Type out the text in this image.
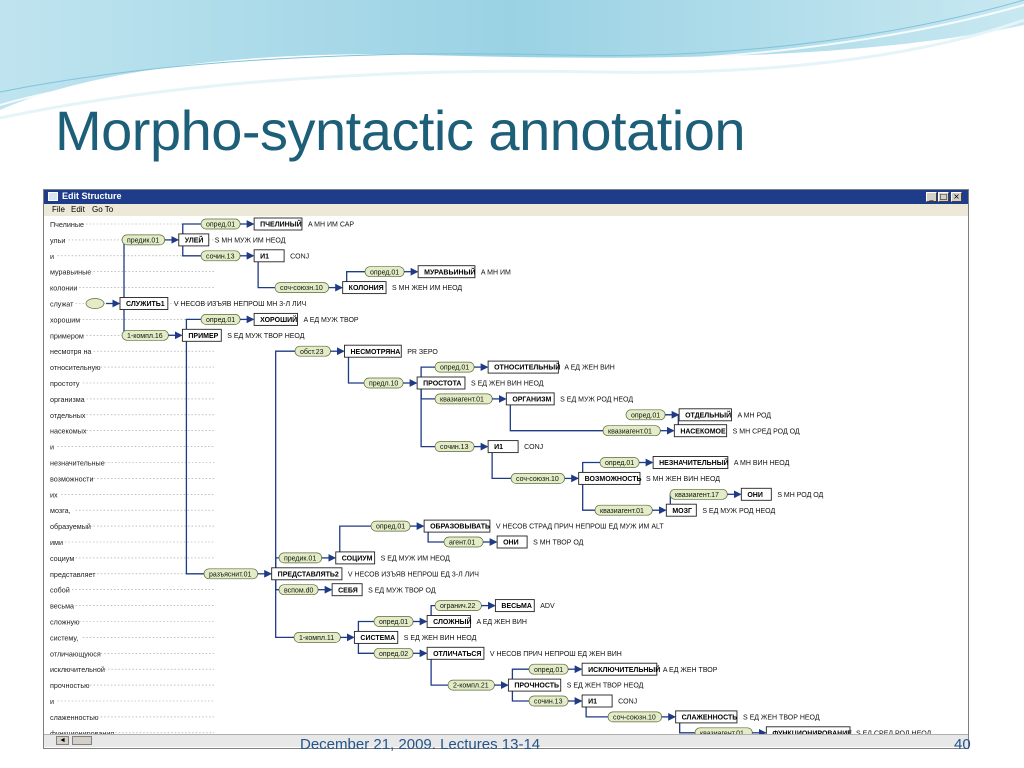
Morpho-syntactic annotation
Пчелиные
ульи
и
муравьиные
колонии
служат
хорошим
примером
несмотря на
относительную
простоту
организма
отдельных
насекомых
и
незначительные
возможности
их
мозга,
образуемый
ими
социум
представляет
собой
весьма
сложную
систему,
отличающуюся
исключительной
прочностью
и
слаженностью
опред.01	ПЧЕЛИНЫЙ A МН ИМ САР
предик.01	УЛЕЙ S МН МУЖ ИМ НЕОД
сочин.13	И1	CONJ
опред.01	МУРАВЬИНЫЙ A МН ИМ
соч-союзн.10	КОЛОНИЯ S МН ЖЕН ИМ НЕОД
СЛУЖИТЬ1 V НЕСОВ ИЗЪЯВ НЕПРОШ МН 3-Л ЛИЧ
опред.01	ХОРОШИЙ A ЕД МУЖ ТВОР
1-компл.16	ПРИМЕР S ЕД МУЖ ТВОР НЕОД
обст.23	НЕСМОТРЯНА PR ЗЕРО
опред.01	ОТНОСИТЕЛЬНЫЙ A ЕД ЖЕН ВИН
предл.10	ПРОСТОТА S ЕД ЖЕН ВИН НЕОД
квазиагент.01	ОРГАНИЗМ S ЕД МУЖ РОД НЕОД
опред.01	ОТДЕЛЬНЫЙ A МН РОД
квазиагент.01	НАСЕКОМОЕ S МН СРЕД РОД ОД
сочин.13	И1	CONJ
опред.01	НЕЗНАЧИТЕЛЬНЫЙ A МН ВИН НЕОД
соч-союзн.10	ВОЗМОЖНОСТЬ S МН ЖЕН ВИН НЕОД
квазиагент.17	ОНИ S МН РОД ОД
квазиагент.01	МОЗГ S ЕД МУЖ РОД НЕОД
опред.01	ОБРАЗОВЫВАТЬ V НЕСОВ СТРАД ПРИЧ НЕПРОШ ЕД МУЖ ИМ ALT
агент.01	ОНИ S МН ТВОР ОД
предик.01	СОЦИУМ S ЕД МУЖ ИМ НЕОД
разъяснит.01	ПРЕДСТАВЛЯТЬ2 V НЕСОВ ИЗЪЯВ НЕПРОШ ЕД 3-Л ЛИЧ
вспом.d0	СЕБЯ S ЕД МУЖ ТВОР ОД
огранич.22	ВЕСЬМА ADV
опред.01	СЛОЖНЫЙ A ЕД ЖЕН ВИН
1-компл.11	СИСТЕМА S ЕД ЖЕН ВИН НЕОД
опред.02	ОТЛИЧАТЬСЯ V НЕСОВ ПРИЧ НЕПРОШ ЕД ЖЕН ВИН
опред.01	ИСКЛЮЧИТЕЛЬНЫЙ A ЕД ЖЕН ТВОР
2-компл.21	ПРОЧНОСТЬ S ЕД ЖЕН ТВОР НЕОД
сочин.13	И1	CONJ
соч-союзн.10	СЛАЖЕННОСТЬ S ЕД ЖЕН ТВОР НЕОД
Edit Structure	_ □ ×
File Edit Go To
◄	December 21, 2009. Lectures 13-14	40
